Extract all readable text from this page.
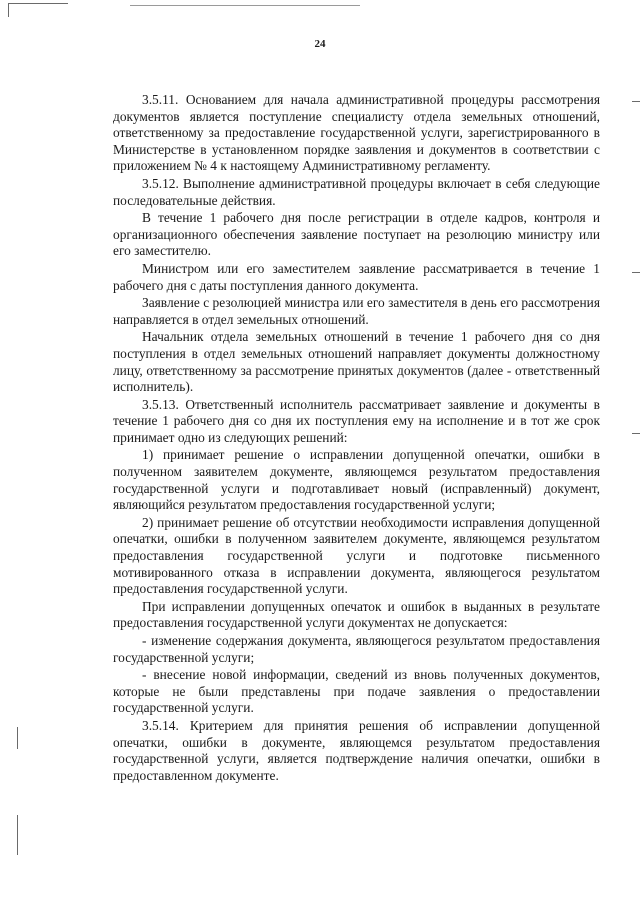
24

3.5.11. Основанием для начала административной процедуры рассмотрения документов является поступление специалисту отдела земельных отношений, ответственному за предоставление государственной услуги, зарегистрированного в Министерстве в установленном порядке заявления и документов в соответствии с приложением № 4 к настоящему Административному регламенту.

3.5.12. Выполнение административной процедуры включает в себя следующие последовательные действия.

В течение 1 рабочего дня после регистрации в отделе кадров, контроля и организационного обеспечения заявление поступает на резолюцию министру или его заместителю.

Министром или его заместителем заявление рассматривается в течение 1 рабочего дня с даты поступления данного документа.

Заявление с резолюцией министра или его заместителя в день его рассмотрения направляется в отдел земельных отношений.

Начальник отдела земельных отношений в течение 1 рабочего дня со дня поступления в отдел земельных отношений направляет документы должностному лицу, ответственному за рассмотрение принятых документов (далее - ответственный исполнитель).

3.5.13. Ответственный исполнитель рассматривает заявление и документы в течение 1 рабочего дня со дня их поступления ему на исполнение и в тот же срок принимает одно из следующих решений:

1) принимает решение о исправлении допущенной опечатки, ошибки в полученном заявителем документе, являющемся результатом предоставления государственной услуги и подготавливает новый (исправленный) документ, являющийся результатом предоставления государственной услуги;

2) принимает решение об отсутствии необходимости исправления допущенной опечатки, ошибки в полученном заявителем документе, являющемся результатом предоставления государственной услуги и подготовке письменного мотивированного отказа в исправлении документа, являющегося результатом предоставления государственной услуги.

При исправлении допущенных опечаток и ошибок в выданных в результате предоставления государственной услуги документах не допускается:

- изменение содержания документа, являющегося результатом предоставления государственной услуги;

- внесение новой информации, сведений из вновь полученных документов, которые не были представлены при подаче заявления о предоставлении государственной услуги.

3.5.14. Критерием для принятия решения об исправлении допущенной опечатки, ошибки в документе, являющемся результатом предоставления государственной услуги, является подтверждение наличия опечатки, ошибки в предоставленном документе.
